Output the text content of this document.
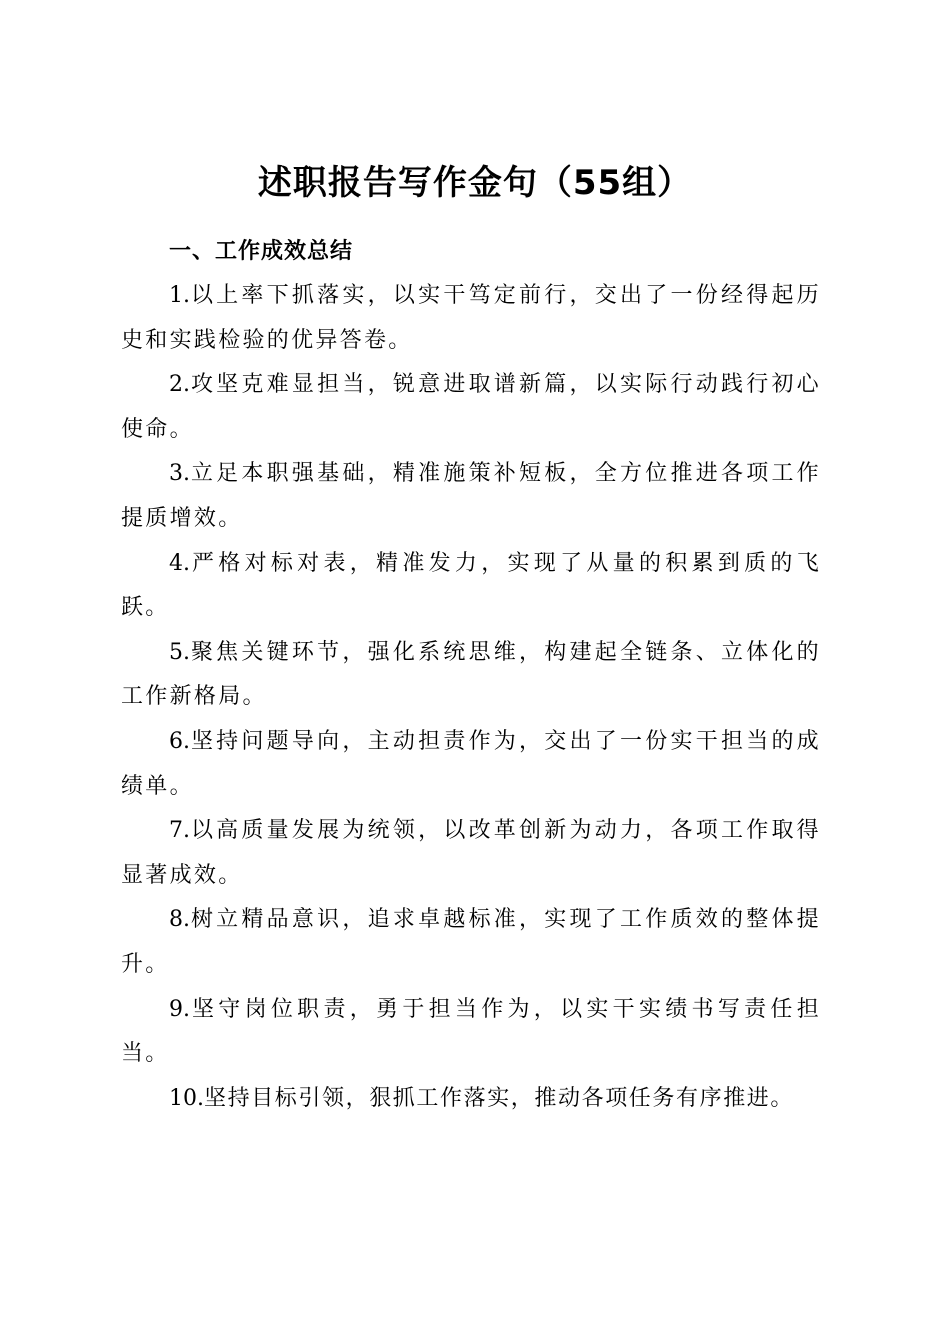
述职报告写作金句（55组）
一、工作成效总结

1.以上率下抓落实，以实干笃定前行，交出了一份经得起历史和实践检验的优异答卷。

2.攻坚克难显担当，锐意进取谱新篇，以实际行动践行初心使命。

3.立足本职强基础，精准施策补短板，全方位推进各项工作提质增效。

4.严格对标对表，精准发力，实现了从量的积累到质的飞跃。

5.聚焦关键环节，强化系统思维，构建起全链条、立体化的工作新格局。

6.坚持问题导向，主动担责作为，交出了一份实干担当的成绩单。

7.以高质量发展为统领，以改革创新为动力，各项工作取得显著成效。

8.树立精品意识，追求卓越标准，实现了工作质效的整体提升。

9.坚守岗位职责，勇于担当作为，以实干实绩书写责任担当。

10.坚持目标引领，狠抓工作落实，推动各项任务有序推进。
